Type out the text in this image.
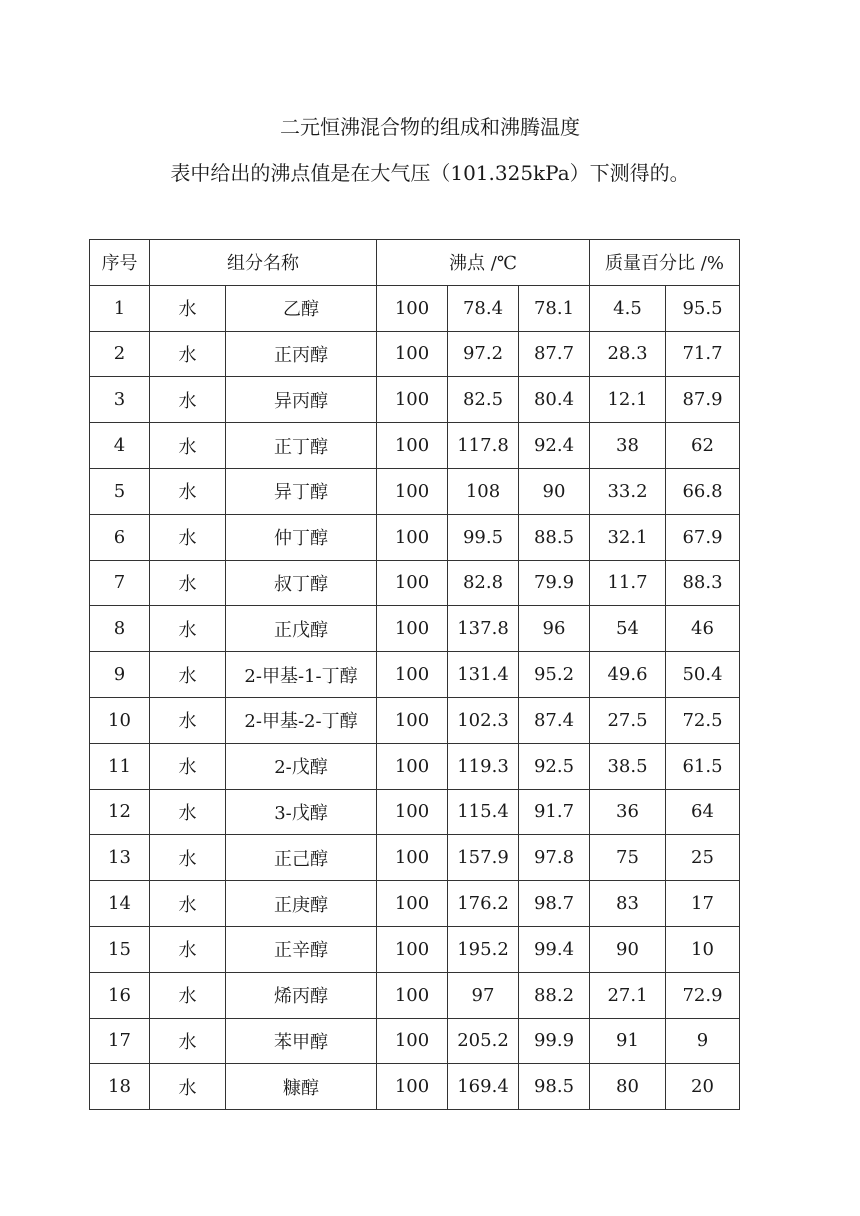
二元恒沸混合物的组成和沸腾温度
表中给出的沸点值是在大气压（101.325kPa）下测得的。
序号	组分名称		沸点 /℃			质量百分比 /%	
1	水	乙醇	100	78.4	78.1	4.5	95.5
2	水	正丙醇	100	97.2	87.7	28.3	71.7
3	水	异丙醇	100	82.5	80.4	12.1	87.9
4	水	正丁醇	100	117.8	92.4	38	62
5	水	异丁醇	100	108	90	33.2	66.8
6	水	仲丁醇	100	99.5	88.5	32.1	67.9
7	水	叔丁醇	100	82.8	79.9	11.7	88.3
8	水	正戊醇	100	137.8	96	54	46
9	水	2-甲基-1-丁醇	100	131.4	95.2	49.6	50.4
10	水	2-甲基-2-丁醇	100	102.3	87.4	27.5	72.5
11	水	2-戊醇	100	119.3	92.5	38.5	61.5
12	水	3-戊醇	100	115.4	91.7	36	64
13	水	正己醇	100	157.9	97.8	75	25
14	水	正庚醇	100	176.2	98.7	83	17
15	水	正辛醇	100	195.2	99.4	90	10
16	水	烯丙醇	100	97	88.2	27.1	72.9
17	水	苯甲醇	100	205.2	99.9	91	9
18	水	糠醇	100	169.4	98.5	80	20
